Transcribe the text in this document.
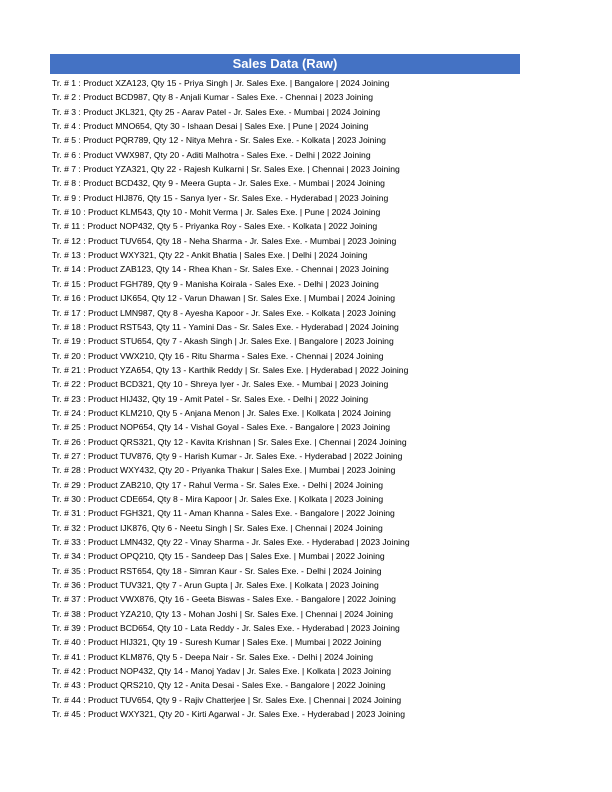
Sales Data (Raw)
Tr. # 1 : Product XZA123, Qty 15 - Priya Singh | Jr. Sales Exe. | Bangalore | 2024 Joining
Tr. # 2 : Product BCD987, Qty 8 - Anjali Kumar - Sales Exe. - Chennai | 2023 Joining
Tr. # 3 : Product JKL321, Qty 25 - Aarav Patel - Jr. Sales Exe. - Mumbai | 2024 Joining
Tr. # 4 : Product MNO654, Qty 30 - Ishaan Desai | Sales Exe. | Pune | 2024 Joining
Tr. # 5 : Product PQR789, Qty 12 - Nitya Mehra - Sr. Sales Exe. - Kolkata | 2023 Joining
Tr. # 6 : Product VWX987, Qty 20 - Aditi Malhotra - Sales Exe. - Delhi | 2022 Joining
Tr. # 7 : Product YZA321, Qty 22 - Rajesh Kulkarni | Sr. Sales Exe. | Chennai | 2023 Joining
Tr. # 8 : Product BCD432, Qty 9 - Meera Gupta - Jr. Sales Exe. - Mumbai | 2024 Joining
Tr. # 9 : Product HIJ876, Qty 15 - Sanya Iyer - Sr. Sales Exe. - Hyderabad | 2023 Joining
Tr. # 10 : Product KLM543, Qty 10 - Mohit Verma | Jr. Sales Exe. | Pune | 2024 Joining
Tr. # 11 : Product NOP432, Qty 5 - Priyanka Roy - Sales Exe. - Kolkata | 2022 Joining
Tr. # 12 : Product TUV654, Qty 18 - Neha Sharma - Jr. Sales Exe. - Mumbai | 2023 Joining
Tr. # 13 : Product WXY321, Qty 22 - Ankit Bhatia | Sales Exe. | Delhi | 2024 Joining
Tr. # 14 : Product ZAB123, Qty 14 - Rhea Khan - Sr. Sales Exe. - Chennai | 2023 Joining
Tr. # 15 : Product FGH789, Qty 9 - Manisha Koirala - Sales Exe. - Delhi | 2023 Joining
Tr. # 16 : Product IJK654, Qty 12 - Varun Dhawan | Sr. Sales Exe. | Mumbai | 2024 Joining
Tr. # 17 : Product LMN987, Qty 8 - Ayesha Kapoor - Jr. Sales Exe. - Kolkata | 2023 Joining
Tr. # 18 : Product RST543, Qty 11 - Yamini Das - Sr. Sales Exe. - Hyderabad | 2024 Joining
Tr. # 19 : Product STU654, Qty 7 - Akash Singh | Jr. Sales Exe. | Bangalore | 2023 Joining
Tr. # 20 : Product VWX210, Qty 16 - Ritu Sharma - Sales Exe. - Chennai | 2024 Joining
Tr. # 21 : Product YZA654, Qty 13 - Karthik Reddy | Sr. Sales Exe. | Hyderabad | 2022 Joining
Tr. # 22 : Product BCD321, Qty 10 - Shreya Iyer - Jr. Sales Exe. - Mumbai | 2023 Joining
Tr. # 23 : Product HIJ432, Qty 19 - Amit Patel - Sr. Sales Exe. - Delhi | 2022 Joining
Tr. # 24 : Product KLM210, Qty 5 - Anjana Menon | Jr. Sales Exe. | Kolkata | 2024 Joining
Tr. # 25 : Product NOP654, Qty 14 - Vishal Goyal - Sales Exe. - Bangalore | 2023 Joining
Tr. # 26 : Product QRS321, Qty 12 - Kavita Krishnan | Sr. Sales Exe. | Chennai | 2024 Joining
Tr. # 27 : Product TUV876, Qty 9 - Harish Kumar - Jr. Sales Exe. - Hyderabad | 2022 Joining
Tr. # 28 : Product WXY432, Qty 20 - Priyanka Thakur | Sales Exe. | Mumbai | 2023 Joining
Tr. # 29 : Product ZAB210, Qty 17 - Rahul Verma - Sr. Sales Exe. - Delhi | 2024 Joining
Tr. # 30 : Product CDE654, Qty 8 - Mira Kapoor | Jr. Sales Exe. | Kolkata | 2023 Joining
Tr. # 31 : Product FGH321, Qty 11 - Aman Khanna - Sales Exe. - Bangalore | 2022 Joining
Tr. # 32 : Product IJK876, Qty 6 - Neetu Singh | Sr. Sales Exe. | Chennai | 2024 Joining
Tr. # 33 : Product LMN432, Qty 22 - Vinay Sharma - Jr. Sales Exe. - Hyderabad | 2023 Joining
Tr. # 34 : Product OPQ210, Qty 15 - Sandeep Das | Sales Exe. | Mumbai | 2022 Joining
Tr. # 35 : Product RST654, Qty 18 - Simran Kaur - Sr. Sales Exe. - Delhi | 2024 Joining
Tr. # 36 : Product TUV321, Qty 7 - Arun Gupta | Jr. Sales Exe. | Kolkata | 2023 Joining
Tr. # 37 : Product VWX876, Qty 16 - Geeta Biswas - Sales Exe. - Bangalore | 2022 Joining
Tr. # 38 : Product YZA210, Qty 13 - Mohan Joshi | Sr. Sales Exe. | Chennai | 2024 Joining
Tr. # 39 : Product BCD654, Qty 10 - Lata Reddy - Jr. Sales Exe. - Hyderabad | 2023 Joining
Tr. # 40 : Product HIJ321, Qty 19 - Suresh Kumar | Sales Exe. | Mumbai | 2022 Joining
Tr. # 41 : Product KLM876, Qty 5 - Deepa Nair - Sr. Sales Exe. - Delhi | 2024 Joining
Tr. # 42 : Product NOP432, Qty 14 - Manoj Yadav | Jr. Sales Exe. | Kolkata | 2023 Joining
Tr. # 43 : Product QRS210, Qty 12 - Anita Desai - Sales Exe. - Bangalore | 2022 Joining
Tr. # 44 : Product TUV654, Qty 9 - Rajiv Chatterjee | Sr. Sales Exe. | Chennai | 2024 Joining
Tr. # 45 : Product WXY321, Qty 20 - Kirti Agarwal - Jr. Sales Exe. - Hyderabad | 2023 Joining
